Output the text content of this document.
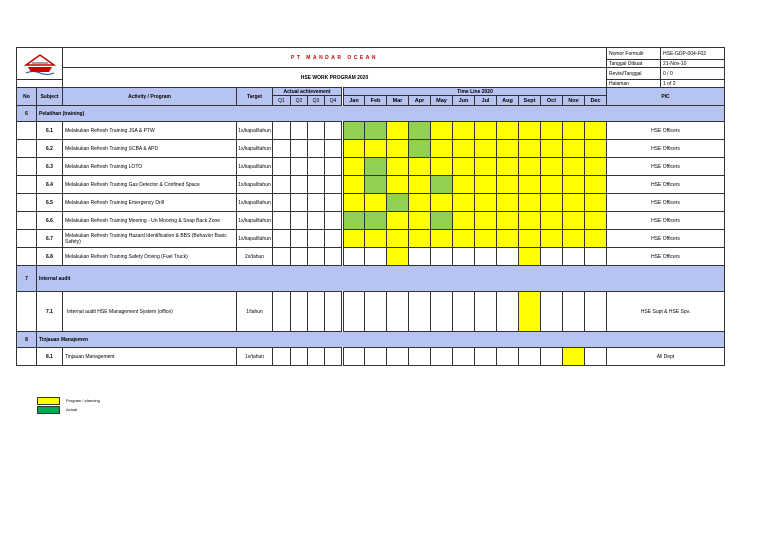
	PT MANDAR OCEAN																		Nomor Formulir	HSE-GDP-004-F02
																				Tanggal Dibuat	21-Nov-10
		HSE WORK PROGRAM 2020																		Revisi/Tanggal	0 / 0
																				Halaman	1 of 2
No	Subject	Activity / Program	Target	Actual achievement				Time Line 2020												PIC	
				Q1	Q2	Q3	Q4	Jan	Feb	Mar	Apr	May	Jun	Jul	Aug	Sept	Oct	Nov	Dec		
6	Pelatihan (training)																				
	6.1	Melakukan Refresh Training JSA & PTW	1x/kapal/tahun																	HSE Officers	
	6.2	Melakukan Refresh Training SCBA & APD	1x/kapal/tahun																	HSE Officers	
	6.3	Melakukan Refresh Training LOTO	1x/kapal/tahun																	HSE Officers	
	6.4	Melakukan Refresh Training Gas Detector & Confined Space	1x/kapal/tahun																	HSE Officers	
	6.5	Melakukan Refresh Training Emergency Drill	1x/kapal/tahun																	HSE Officers	
	6.6	Melakukan Refresh Training Mooring - Un Mooring & Snap Back Zone	1x/kapal/tahun																	HSE Officers	
	6.7	Melakukan Refresh Training Hazard Identification & BBS (Behavior Basic Safety)	1x/kapal/tahun																	HSE Officers	
	6.8	Melakukan Refresh Training Safety Driving (Fuel Truck)	2x/tahun																	HSE Officers	
7	Internal audit																				
	7.1	Internal audit HSE Management System (office)	1/tahun																	HSE Supt & HSE Spv.	
8	Tinjauan Manajemen																				
	8.1	Tinjauan Management	1x/tahun																	All Dept	
Program / planning
Actual
